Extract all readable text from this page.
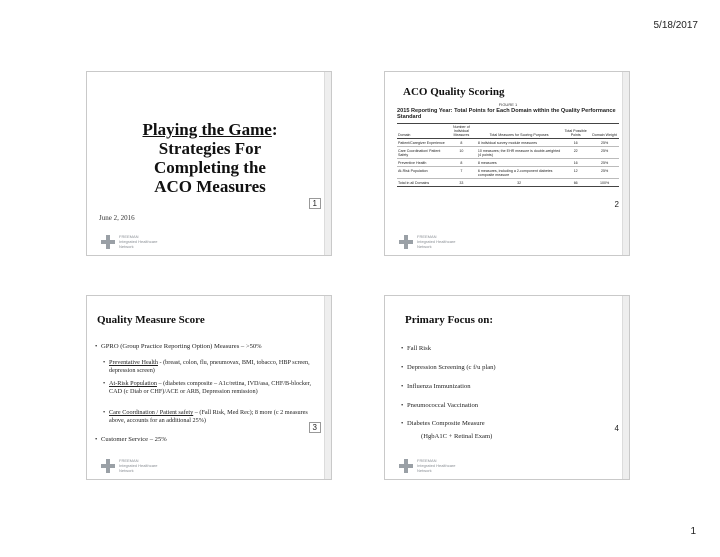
5/18/2017
Playing the Game:
Strategies For
Completing the
ACO Measures
June 2, 2016
1
FREEMAN
Integrated Healthcare
Network
ACO Quality Scoring
FIGURE 1
2015 Reporting Year: Total Points for Each Domain within the Quality Performance Standard
Domain	Number of Individual Measures	Total Measures for Scoring Purposes	Total Possible Points	Domain Weight
Patient/Caregiver Experience	8	8 individual survey module measures	16	25%
Care Coordination/ Patient Safety	10	10 measures; the EHR measure is double-weighted (4 points)	22	25%
Preventive Health	8	8 measures	16	25%
At-Risk Population	7	6 measures, including a 2-component diabetes composite measure	12	25%
Total in all Domains	33	32	66	100%
2
FREEMAN
Integrated Healthcare
Network
Quality Measure Score
• GPRO (Group Practice Reporting Option) Measures – >50%
• Preventative Health - (breast, colon, flu, pneumovax, BMI, tobacco, HBP screen, depression screen)
• At-Risk Population – (diabetes composite – A1c/retina, IVD/asa, CHF/B-blocker, CAD (c Diab or CHF)/ACE or ARB, Depression remission)
• Care Coordination / Patient safety – (Fall Risk, Med Rec); 8 more (c 2 measures above, accounts for an additional 25%)
• Customer Service – 25%
3
FREEMAN
Integrated Healthcare
Network
Primary Focus on:
• Fall Risk
• Depression Screening (c f/u plan)
• Influenza Immunization
• Pneumococcal Vaccination
• Diabetes Composite Measure
(HgbA1C + Retinal Exam)
4
FREEMAN
Integrated Healthcare
Network
1
